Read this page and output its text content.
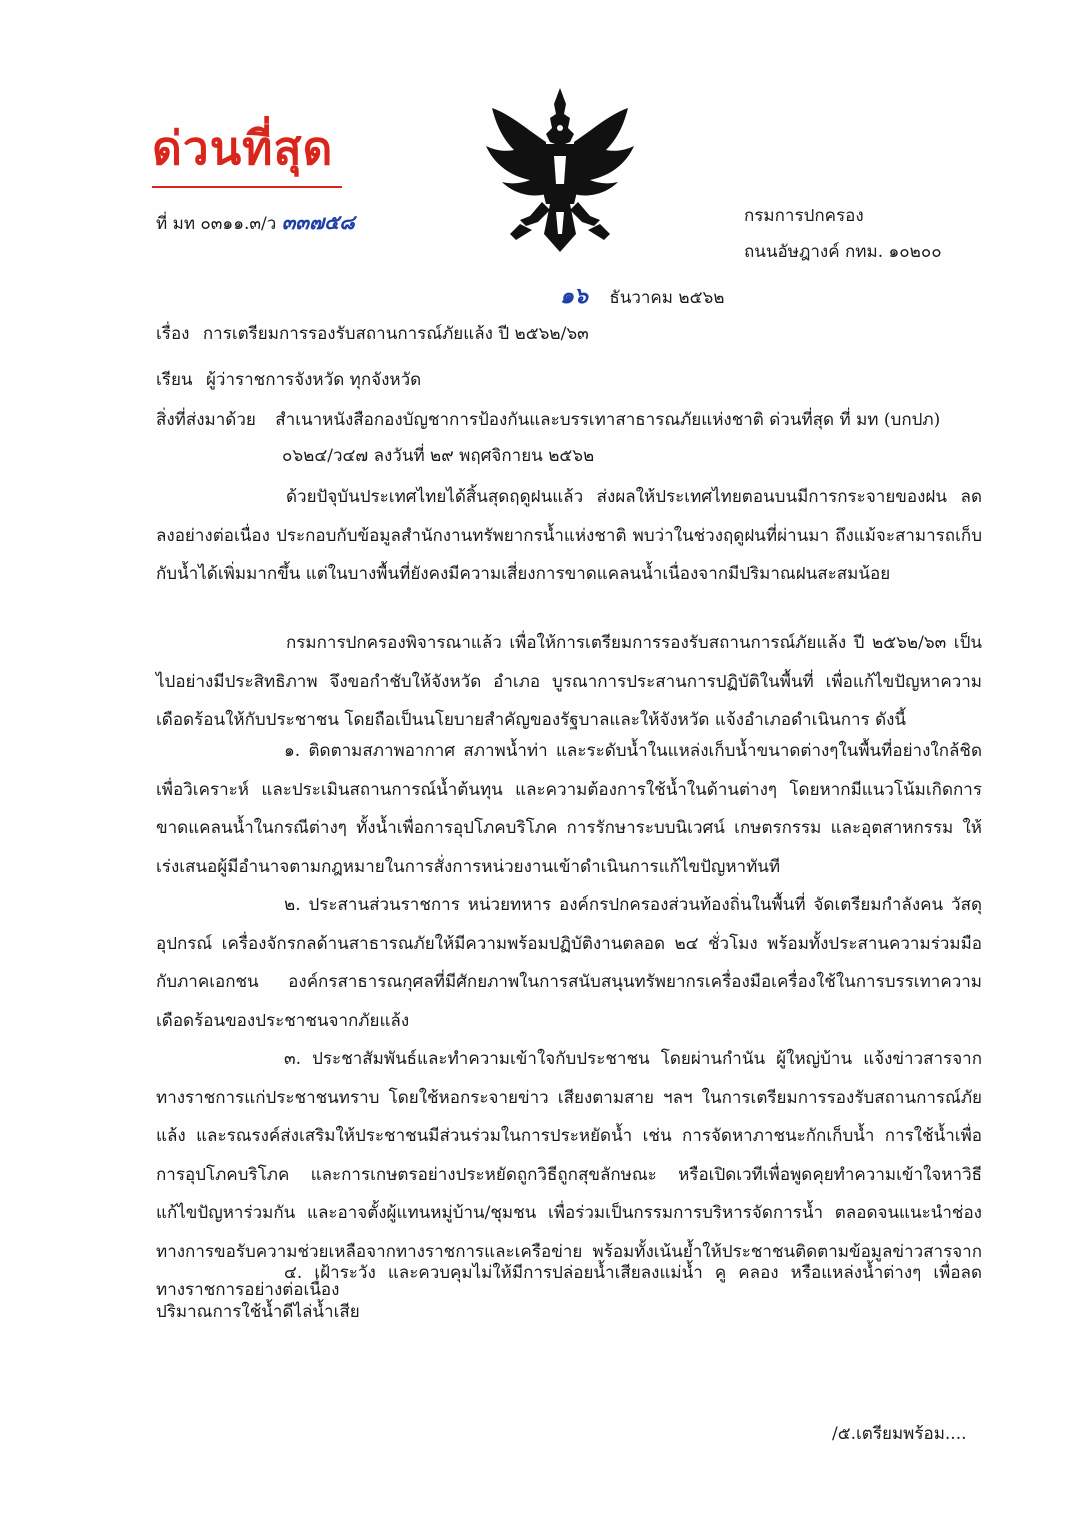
ด่วนที่สุด
ที่ มท ๐๓๑๑.๓/ว ๓๓๗๕๘	กรมการปกครอง
ถนนอัษฎางค์ กทม. ๑๐๒๐๐
๑๖ ธันวาคม ๒๕๖๒
เรื่อง การเตรียมการรองรับสถานการณ์ภัยแล้ง ปี ๒๕๖๒/๖๓
เรียน ผู้ว่าราชการจังหวัด ทุกจังหวัด
สิ่งที่ส่งมาด้วย สำเนาหนังสือกองบัญชาการป้องกันและบรรเทาสาธารณภัยแห่งชาติ ด่วนที่สุด ที่ มท (บกปภ)
๐๖๒๔/ว๔๗ ลงวันที่ ๒๙ พฤศจิกายน ๒๕๖๒
ด้วยปัจุบันประเทศไทยได้สิ้นสุดฤดูฝนแล้ว ส่งผลให้ประเทศไทยตอนบนมีการกระจายของฝน ลดลงอย่างต่อเนื่อง ประกอบกับข้อมูลสำนักงานทรัพยากรน้ำแห่งชาติ พบว่าในช่วงฤดูฝนที่ผ่านมา ถึงแม้จะสามารถเก็บกับน้ำได้เพิ่มมากขึ้น แต่ในบางพื้นที่ยังคงมีความเสี่ยงการขาดแคลนน้ำเนื่องจากมีปริมาณฝนสะสมน้อย
กรมการปกครองพิจารณาแล้ว เพื่อให้การเตรียมการรองรับสถานการณ์ภัยแล้ง ปี ๒๕๖๒/๖๓ เป็นไปอย่างมีประสิทธิภาพ จึงขอกำชับให้จังหวัด อำเภอ บูรณาการประสานการปฏิบัติในพื้นที่ เพื่อแก้ไขปัญหาความเดือดร้อนให้กับประชาชน โดยถือเป็นนโยบายสำคัญของรัฐบาลและให้จังหวัด แจ้งอำเภอดำเนินการ ดังนี้
๑. ติดตามสภาพอากาศ สภาพน้ำท่า และระดับน้ำในแหล่งเก็บน้ำขนาดต่างๆในพื้นที่อย่างใกล้ชิด เพื่อวิเคราะห์ และประเมินสถานการณ์น้ำต้นทุน และความต้องการใช้น้ำในด้านต่างๆ โดยหากมีแนวโน้มเกิดการขาดแคลนน้ำในกรณีต่างๆ ทั้งน้ำเพื่อการอุปโภคบริโภค การรักษาระบบนิเวศน์ เกษตรกรรม และอุตสาหกรรม ให้เร่งเสนอผู้มีอำนาจตามกฎหมายในการสั่งการหน่วยงานเข้าดำเนินการแก้ไขปัญหาทันที
๒. ประสานส่วนราชการ หน่วยทหาร องค์กรปกครองส่วนท้องถิ่นในพื้นที่ จัดเตรียมกำลังคน วัสดุ อุปกรณ์ เครื่องจักรกลด้านสาธารณภัยให้มีความพร้อมปฏิบัติงานตลอด ๒๔ ชั่วโมง พร้อมทั้งประสานความร่วมมือกับภาคเอกชน องค์กรสาธารณกุศลที่มีศักยภาพในการสนับสนุนทรัพยากรเครื่องมือเครื่องใช้ในการบรรเทาความเดือดร้อนของประชาชนจากภัยแล้ง
๓. ประชาสัมพันธ์และทำความเข้าใจกับประชาชน โดยผ่านกำนัน ผู้ใหญ่บ้าน แจ้งข่าวสารจากทางราชการแก่ประชาชนทราบ โดยใช้หอกระจายข่าว เสียงตามสาย ฯลฯ ในการเตรียมการรองรับสถานการณ์ภัยแล้ง และรณรงค์ส่งเสริมให้ประชาชนมีส่วนร่วมในการประหยัดน้ำ เช่น การจัดหาภาชนะกักเก็บน้ำ การใช้น้ำเพื่อการอุปโภคบริโภค และการเกษตรอย่างประหยัดถูกวิธีถูกสุขลักษณะ หรือเปิดเวทีเพื่อพูดคุยทำความเข้าใจหาวิธีแก้ไขปัญหาร่วมกัน และอาจตั้งผู้แทนหมู่บ้าน/ชุมชน เพื่อร่วมเป็นกรรมการบริหารจัดการน้ำ ตลอดจนแนะนำช่องทางการขอรับความช่วยเหลือจากทางราชการและเครือข่าย พร้อมทั้งเน้นย้ำให้ประชาชนติดตามข้อมูลข่าวสารจากทางราชการอย่างต่อเนื่อง
๔. เฝ้าระวัง และควบคุมไม่ให้มีการปล่อยน้ำเสียลงแม่น้ำ คู คลอง หรือแหล่งน้ำต่างๆ เพื่อลดปริมาณการใช้น้ำดีไล่น้ำเสีย
/๕.เตรียมพร้อม....
